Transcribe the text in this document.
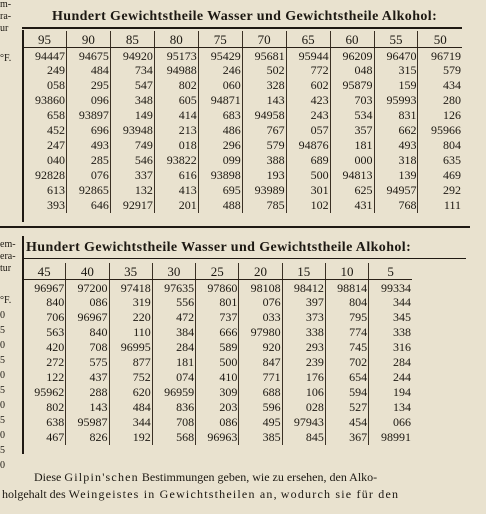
m-
ra-
ur
°F.
Hundert Gewichtstheile Wasser und Gewichtstheile Alkohol:
95	90	85	80	75	70	65	60	55	50
94447	94675	94920	95173	95429	95681	95944	96209	96470	96719
249	484	734	94988	246	502	772	048	315	579
058	295	547	802	060	328	602	95879	159	434
93860	096	348	605	94871	143	423	703	95993	280
658	93897	149	414	683	94958	243	534	831	126
452	696	93948	213	486	767	057	357	662	95966
247	493	749	018	296	579	94876	181	493	804
040	285	546	93822	099	388	689	000	318	635
92828	076	337	616	93898	193	500	94813	139	469
613	92865	132	413	695	93989	301	625	94957	292
393	646	92917	201	488	785	102	431	768	111
em-
era-
tur
°F.
0
5
0
5
0
5
0
5
0
5
0
Hundert Gewichtstheile Wasser und Gewichtstheile Alkohol:
45	40	35	30	25	20	15	10	5
96967	97200	97418	97635	97860	98108	98412	98814	99334
840	086	319	556	801	076	397	804	344
706	96967	220	472	737	033	373	795	345
563	840	110	384	666	97980	338	774	338
420	708	96995	284	589	920	293	745	316
272	575	877	181	500	847	239	702	284
122	437	752	074	410	771	176	654	244
95962	288	620	96959	309	688	106	594	194
802	143	484	836	203	596	028	527	134
638	95987	344	708	086	495	97943	454	066
467	826	192	568	96963	385	845	367	98991
Diese Gilpin'schen Bestimmungen geben, wie zu ersehen, den Alko-
holgehalt des Weingeistes in Gewichtstheilen an, wodurch sie für den
